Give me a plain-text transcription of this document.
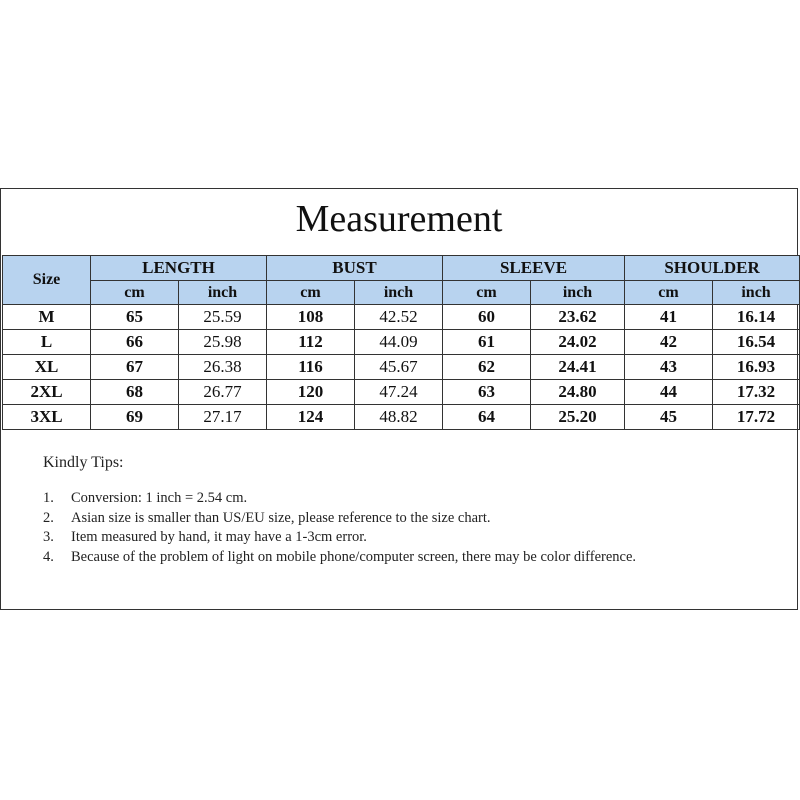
Measurement
Size	LENGTH		BUST		SLEEVE		SHOULDER	
	cm	inch	cm	inch	cm	inch	cm	inch
M	65	25.59	108	42.52	60	23.62	41	16.14
L	66	25.98	112	44.09	61	24.02	42	16.54
XL	67	26.38	116	45.67	62	24.41	43	16.93
2XL	68	26.77	120	47.24	63	24.80	44	17.32
3XL	69	27.17	124	48.82	64	25.20	45	17.72
Kindly Tips:
1. Conversion: 1 inch = 2.54 cm.
2. Asian size is smaller than US/EU size, please reference to the size chart.
3. Item measured by hand, it may have a 1-3cm error.
4. Because of the problem of light on mobile phone/computer screen, there may be color difference.
